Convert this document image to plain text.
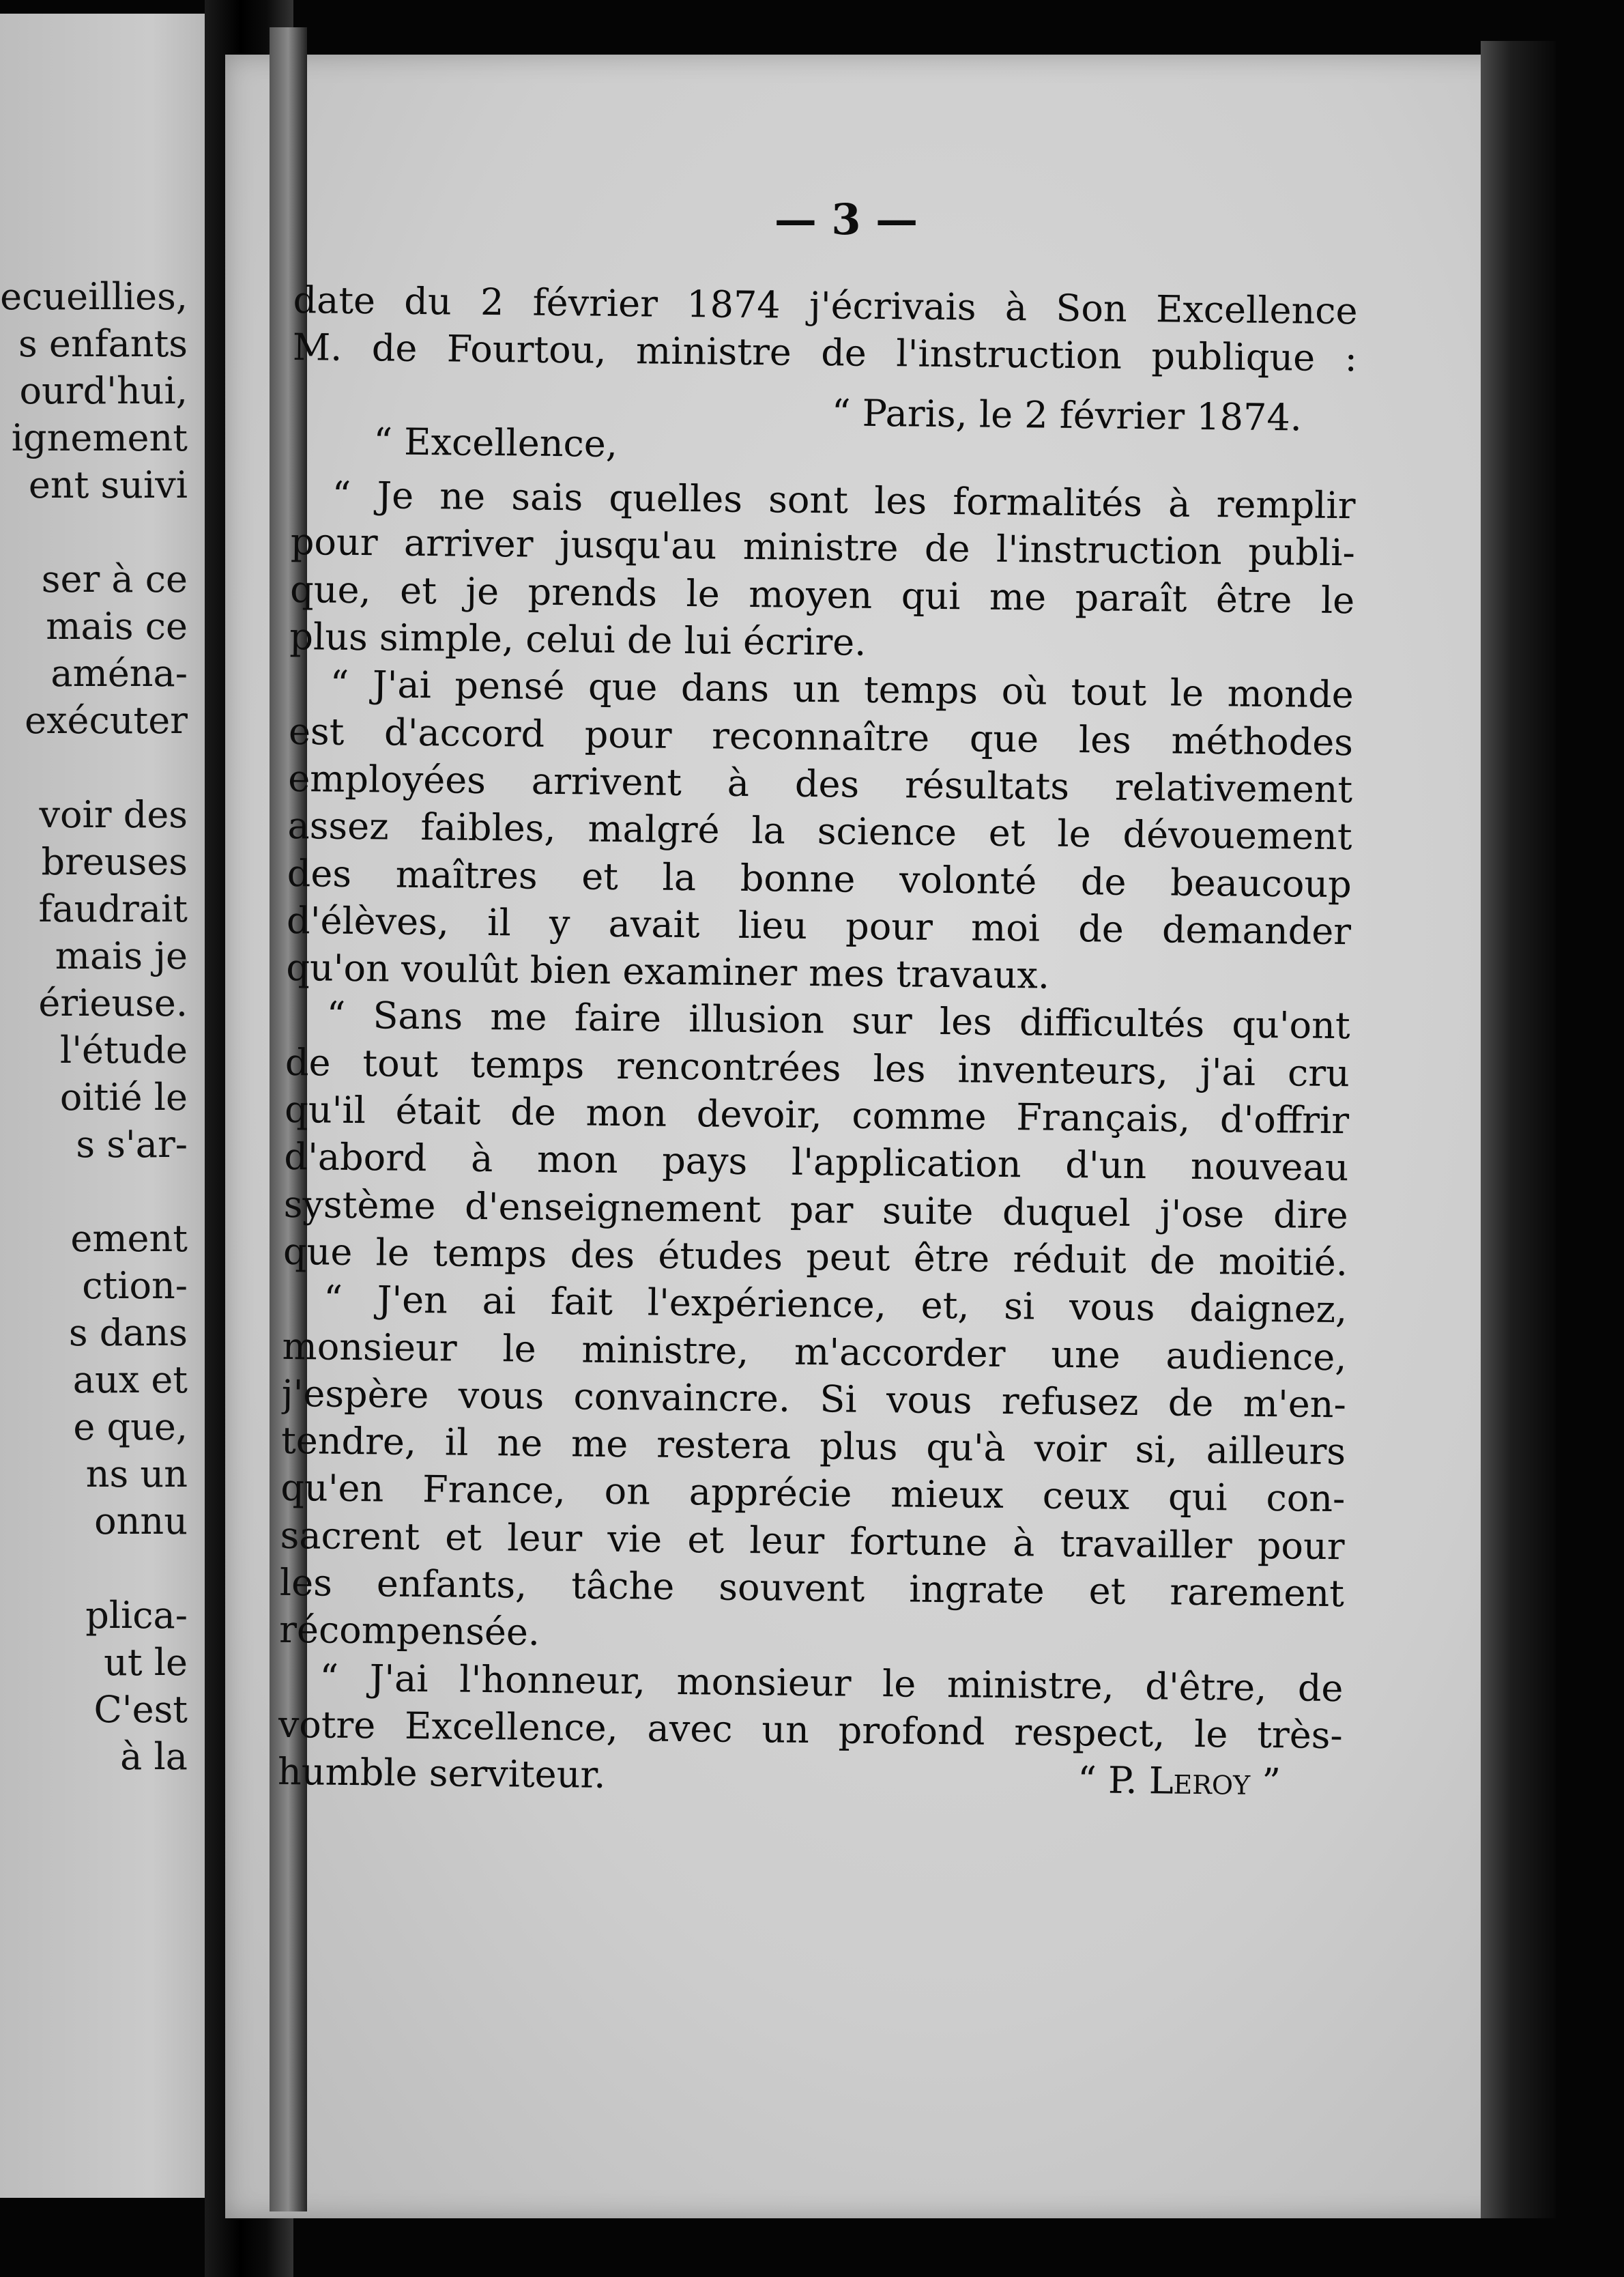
ecueillies,
s enfants
ourd'hui,
ignement
ent suivi
ser à ce
mais ce
aména-
exécuter
voir des
breuses
faudrait
mais je
érieuse.
l'étude
oitié le
s s'ar-
ement
ction-
s dans
aux et
e que,
ns un
onnu
plica-
ut le
C'est
à la
— 3 —
date du 2 février 1874 j'écrivais à Son Excellence
M. de Fourtou, ministre de l'instruction publique :
“ Paris, le 2 février 1874.
“ Excellence,
“ Je ne sais quelles sont les formalités à remplir
pour arriver jusqu'au ministre de l'instruction publi-
que, et je prends le moyen qui me paraît être le
plus simple, celui de lui écrire.
“ J'ai pensé que dans un temps où tout le monde
est d'accord pour reconnaître que les méthodes
employées arrivent à des résultats relativement
assez faibles, malgré la science et le dévouement
des maîtres et la bonne volonté de beaucoup
d'élèves, il y avait lieu pour moi de demander
qu'on voulût bien examiner mes travaux.
“ Sans me faire illusion sur les difficultés qu'ont
de tout temps rencontrées les inventeurs, j'ai cru
qu'il était de mon devoir, comme Français, d'offrir
d'abord à mon pays l'application d'un nouveau
système d'enseignement par suite duquel j'ose dire
que le temps des études peut être réduit de moitié.
“ J'en ai fait l'expérience, et, si vous daignez,
monsieur le ministre, m'accorder une audience,
j'espère vous convaincre. Si vous refusez de m'en-
tendre, il ne me restera plus qu'à voir si, ailleurs
qu'en France, on apprécie mieux ceux qui con-
sacrent et leur vie et leur fortune à travailler pour
les enfants, tâche souvent ingrate et rarement
récompensée.
“ J'ai l'honneur, monsieur le ministre, d'être, de
votre Excellence, avec un profond respect, le très-
humble serviteur.	“ P. Leroy ”
